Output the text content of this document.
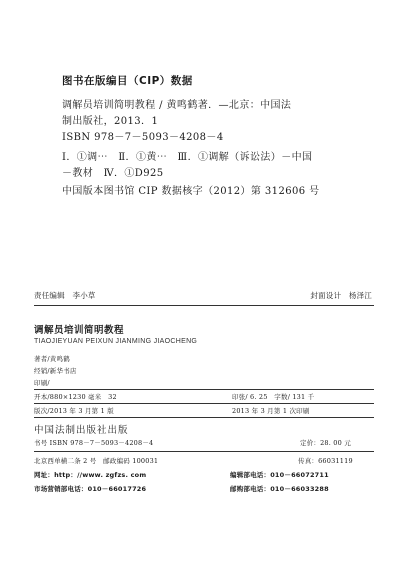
图书在版编目（CIP）数据
调解员培训简明教程 / 黄鸣鹤著．—北京：中国法
制出版社，2013．1
ISBN 978－7－5093－4208－4
Ⅰ．①调⋯　Ⅱ．①黄⋯　Ⅲ．①调解（诉讼法）－中国
－教材　Ⅳ．①D925
中国版本图书馆 CIP 数据核字（2012）第 312606 号
责任编辑　李小草	封面设计　杨泽江
调解员培训简明教程
TIAOJIEYUAN PEIXUN JIANMING JIAOCHENG
著者/黄鸣鹤
经销/新华书店
印刷/
开本/880×1230 毫米　32	印张/ 6. 25　字数/ 131 千
版次/2013 年 3 月第 1 版	2013 年 3 月第 1 次印刷
中国法制出版社出版
书号 ISBN 978－7－5093－4208－4	定价：28. 00 元
北京西单横二条 2 号　邮政编码 100031	传真：66031119
网址：http：//www. zgfzs. com	编辑部电话：010－66072711
市场营销部电话：010－66017726	邮购部电话：010－66033288
